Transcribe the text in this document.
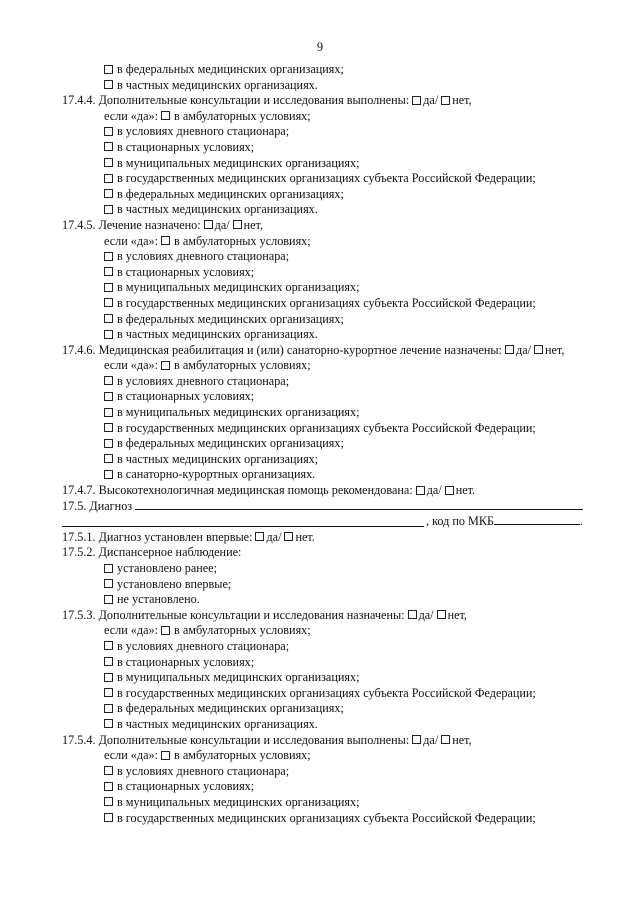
9
в федеральных медицинских организациях;
в частных медицинских организациях.
17.4.4. Дополнительные консультации и исследования выполнены: да/ нет,
если «да»: в амбулаторных условиях;
в условиях дневного стационара;
в стационарных условиях;
в муниципальных медицинских организациях;
в государственных медицинских организациях субъекта Российской Федерации;
в федеральных медицинских организациях;
в частных медицинских организациях.
17.4.5. Лечение назначено: да/ нет,
если «да»: в амбулаторных условиях;
в условиях дневного стационара;
в стационарных условиях;
в муниципальных медицинских организациях;
в государственных медицинских организациях субъекта Российской Федерации;
в федеральных медицинских организациях;
в частных медицинских организациях.
17.4.6. Медицинская реабилитация и (или) санаторно-курортное лечение назначены: да/ нет,
если «да»: в амбулаторных условиях;
в условиях дневного стационара;
в стационарных условиях;
в муниципальных медицинских организациях;
в государственных медицинских организациях субъекта Российской Федерации;
в федеральных медицинских организациях;
в частных медицинских организациях;
в санаторно-курортных организациях.
17.4.7. Высокотехнологичная медицинская помощь рекомендована: да/ нет.
17.5. Диагноз
, код по МКБ	.
17.5.1. Диагноз установлен впервые: да/ нет.
17.5.2. Диспансерное наблюдение:
установлено ранее;
установлено впервые;
не установлено.
17.5.3. Дополнительные консультации и исследования назначены: да/ нет,
если «да»: в амбулаторных условиях;
в условиях дневного стационара;
в стационарных условиях;
в муниципальных медицинских организациях;
в государственных медицинских организациях субъекта Российской Федерации;
в федеральных медицинских организациях;
в частных медицинских организациях.
17.5.4. Дополнительные консультации и исследования выполнены: да/ нет,
если «да»: в амбулаторных условиях;
в условиях дневного стационара;
в стационарных условиях;
в муниципальных медицинских организациях;
в государственных медицинских организациях субъекта Российской Федерации;
